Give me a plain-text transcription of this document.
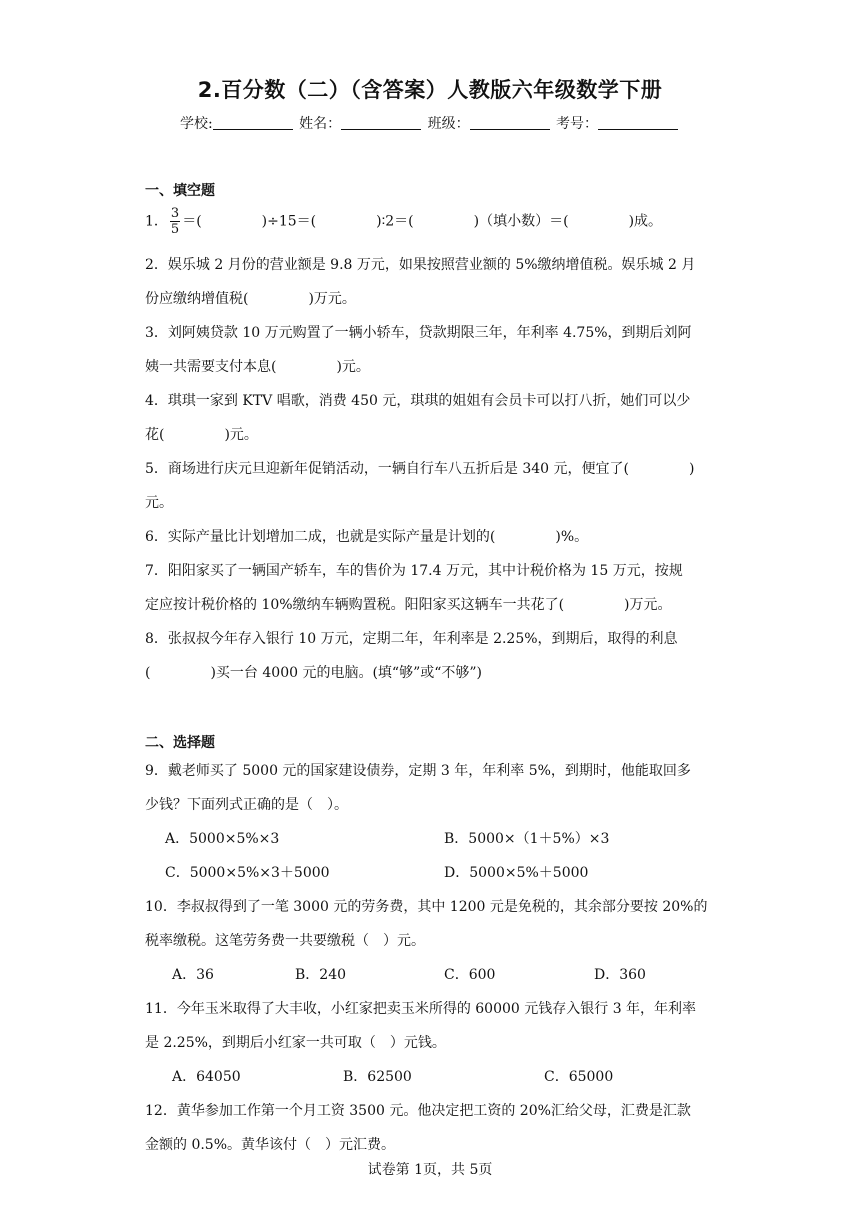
2.百分数（二）（含答案）人教版六年级数学下册
学校:	姓名：	班级：	考号：
一、填空题
1． $\frac{3}{5}$ ＝(	)÷15＝(	)∶2＝(	)（填小数）＝(	)成。
2．娱乐城 2 月份的营业额是 9.8 万元，如果按照营业额的 5%缴纳增值税。娱乐城 2 月
份应缴纳增值税(	)万元。
3．刘阿姨贷款 10 万元购置了一辆小轿车，贷款期限三年，年利率 4.75%，到期后刘阿
姨一共需要支付本息(	)元。
4．琪琪一家到 KTV 唱歌，消费 450 元，琪琪的姐姐有会员卡可以打八折，她们可以少
花(	)元。
5．商场进行庆元旦迎新年促销活动，一辆自行车八五折后是 340 元，便宜了(	)
元。
6．实际产量比计划增加二成，也就是实际产量是计划的(	)%。
7．阳阳家买了一辆国产轿车，车的售价为 17.4 万元，其中计税价格为 15 万元，按规
定应按计税价格的 10%缴纳车辆购置税。阳阳家买这辆车一共花了(	)万元。
8．张叔叔今年存入银行 10 万元，定期二年，年利率是 2.25%，到期后，取得的利息
(	)买一台 4000 元的电脑。(填“够”或“不够”)
二、选择题
9．戴老师买了 5000 元的国家建设债券，定期 3 年，年利率 5%，到期时，他能取回多
少钱？下面列式正确的是（　）。
A．5000×5%×3	B．5000×（1＋5%）×3
C．5000×5%×3＋5000	D．5000×5%＋5000
10．李叔叔得到了一笔 3000 元的劳务费，其中 1200 元是免税的，其余部分要按 20%的
税率缴税。这笔劳务费一共要缴税（　）元。
A．36	B．240	C．600	D．360
11．今年玉米取得了大丰收，小红家把卖玉米所得的 60000 元钱存入银行 3 年，年利率
是 2.25%，到期后小红家一共可取（　）元钱。
A．64050	B．62500	C．65000
12．黄华参加工作第一个月工资 3500 元。他决定把工资的 20%汇给父母，汇费是汇款
金额的 0.5%。黄华该付（　）元汇费。
试卷第 1页，共 5页
